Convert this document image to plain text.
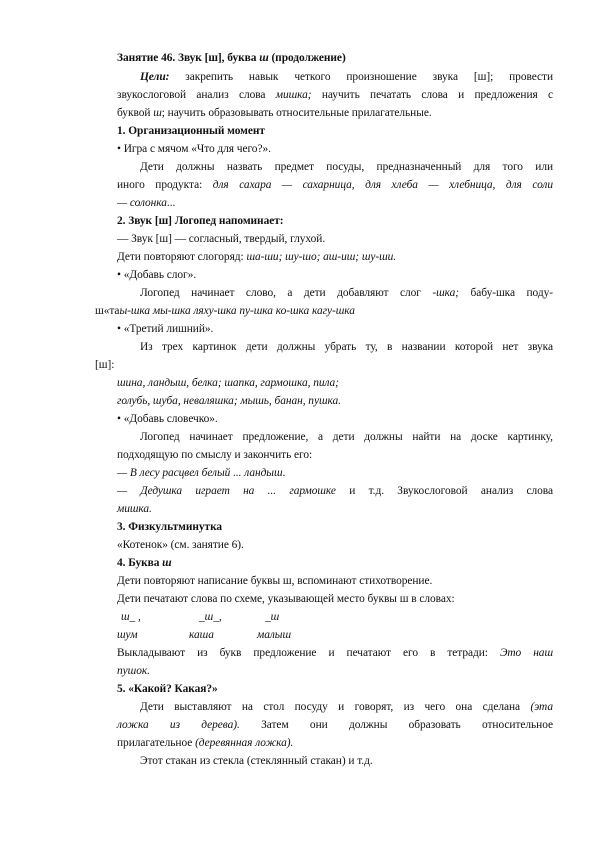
Занятие 46. Звук [ш], буква ш (продолжение)
Цели: закрепить навык четкого произношение звука [ш]; провести
звукослоговой анализ слова мишка; научить печатать слова и предложения с
буквой ш; научить образовывать относительные прилагательные.
1. Организационный момент
• Игра с мячом «Что для чего?».
Дети должны назвать предмет посуды, предназначенный для того или
иного продукта: для сахара — сахарница, для хлеба — хлебница, для соли
— солонка...
2. Звук [ш] Логопед напоминает:
— Звук [ш] — согласный, твердый, глухой.
Дети повторяют слогоряд: ша-ши; шу-шо; аш-иш; шу-ши.
• «Добавь слог».
Логопед начинает слово, а дети добавляют слог -шка; бабу-шка поду-
ш«таы-шка мы-шка ляху-шка пу-шка ко-шка кагу-шка
• «Третий лишний».
Из трех картинок дети должны убрать ту, в названии которой нет звука
[ш]:
шина, ландыш, белка; шапка, гармошка, пила;
голубь, шуба, неваляшка; мышь, банан, пушка.
• «Добавь словечко».
Логопед начинает предложение, а дети должны найти на доске картинку,
подходящую по смыслу и закончить его:
— В лесу расцвел белый ... ландыш.
— Дедушка играет на ... гармошке и т.д. Звукослоговой анализ слова
мишка.
3. Физкультминутка
«Котенок» (см. занятие 6).
4. Буква ш
Дети повторяют написание буквы ш, вспоминают стихотворение.
Дети печатают слова по схеме, указывающей место буквы ш в словах:
ш_ ,	_ш_,	_ш
шум	каша	малыш
Выкладывают из букв предложение и печатают его в тетради: Это наш
пушок.
5. «Какой? Какая?»
Дети выставляют на стол посуду и говорят, из чего она сделана (эта
ложка из дерева). Затем они должны образовать относительное
прилагательное (деревянная ложка).
Этот стакан из стекла (стеклянный стакан) и т.д.
